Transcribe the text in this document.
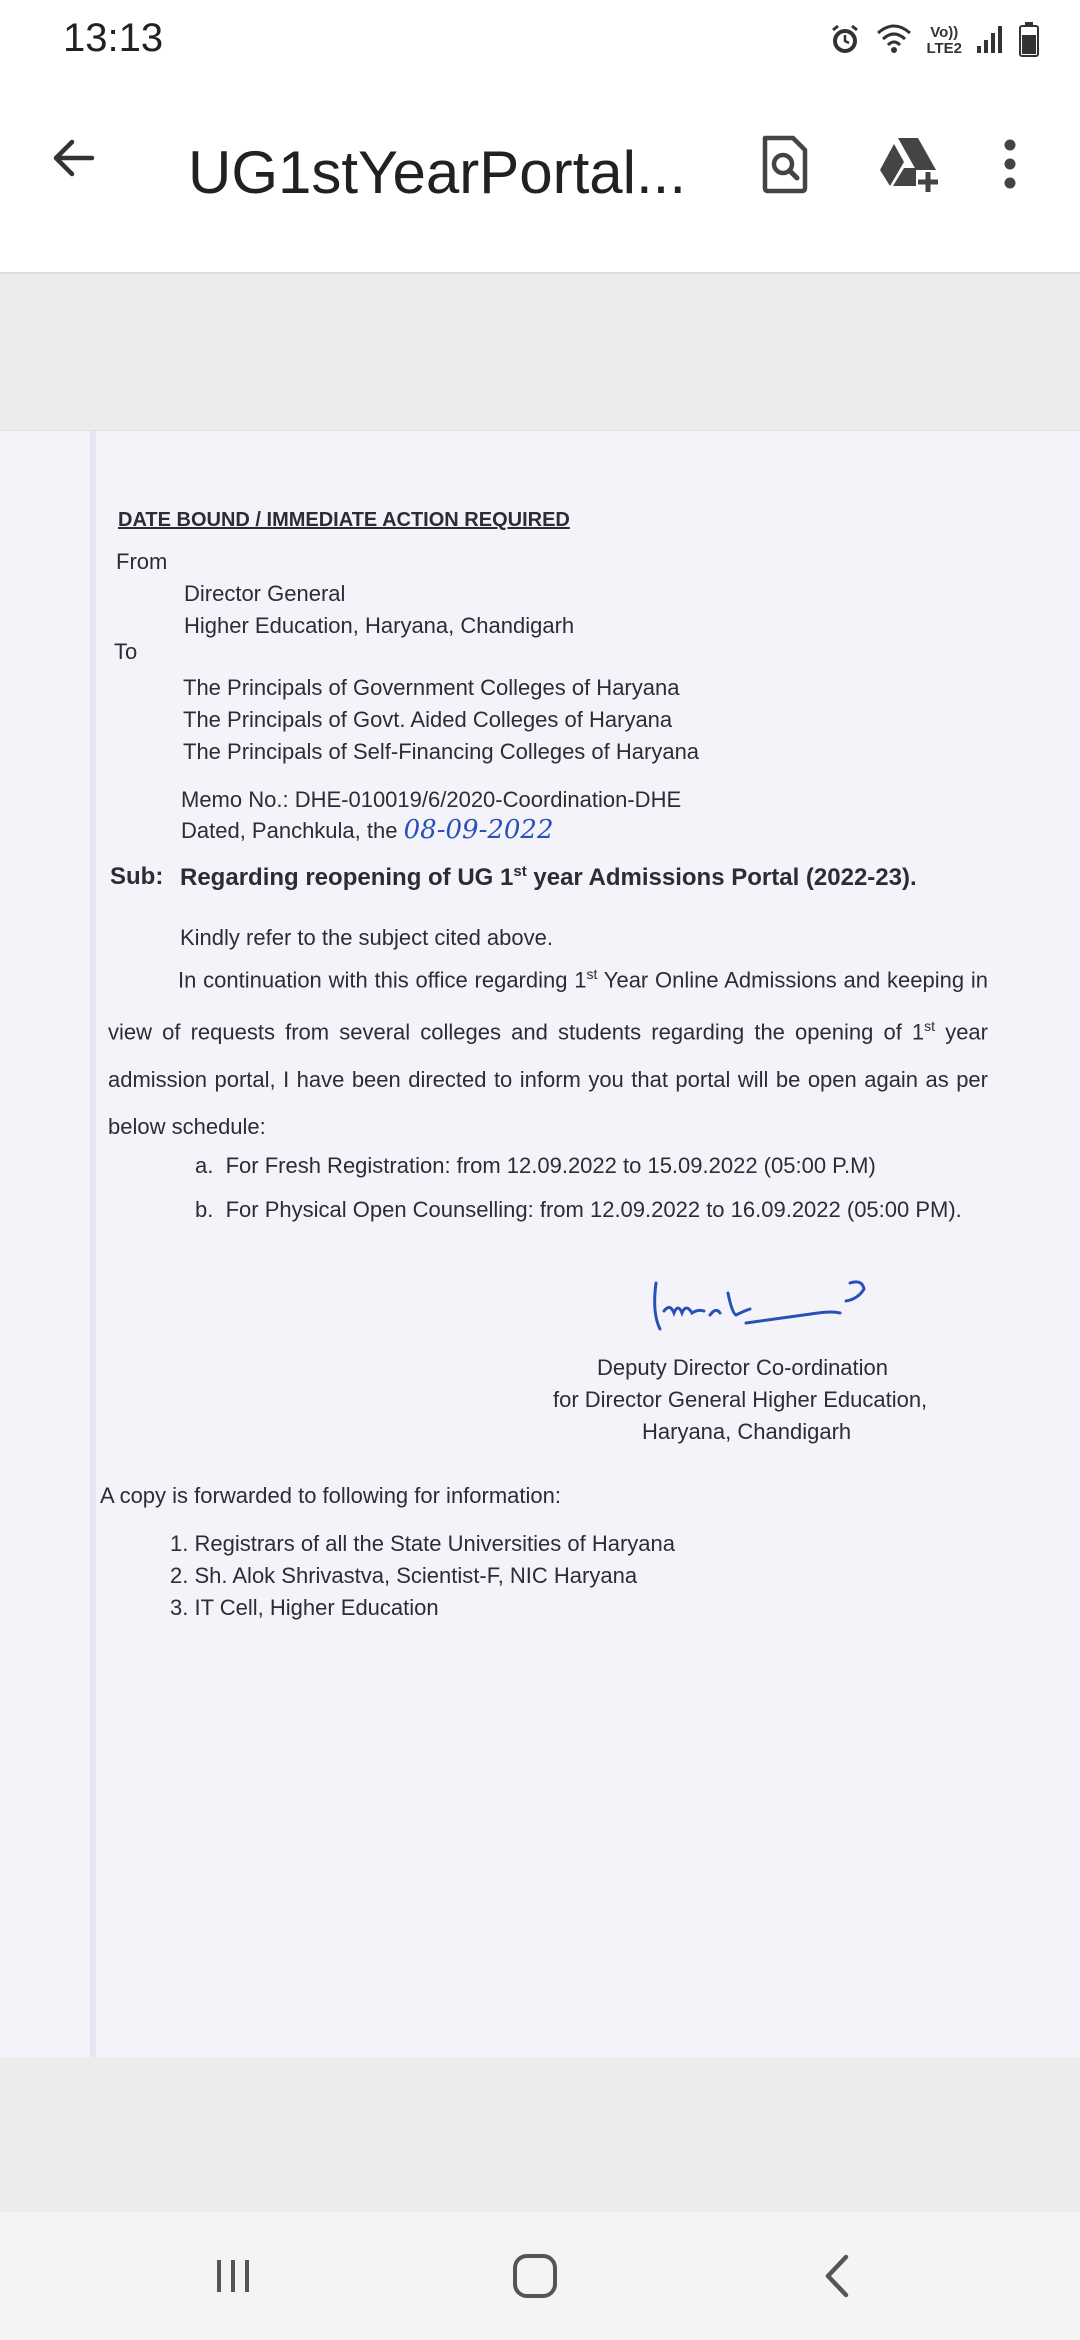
13:13	Vo))
LTE2
UG1stYearPortal...
DATE BOUND / IMMEDIATE ACTION REQUIRED
From
Director General
Higher Education, Haryana, Chandigarh
To
The Principals of Government Colleges of Haryana
The Principals of Govt. Aided Colleges of Haryana
The Principals of Self-Financing Colleges of Haryana
Memo No.: DHE-010019/6/2020-Coordination-DHE
Dated, Panchkula, the 08-09-2022
Sub: Regarding reopening of UG 1st year Admissions Portal (2022-23).
Kindly refer to the subject cited above.
In continuation with this office regarding 1st Year Online Admissions and keeping in view of requests from several colleges and students regarding the opening of 1st year admission portal, I have been directed to inform you that portal will be open again as per below schedule:
a. For Fresh Registration: from 12.09.2022 to 15.09.2022 (05:00 P.M)
b. For Physical Open Counselling: from 12.09.2022 to 16.09.2022 (05:00 PM).
Deputy Director Co-ordination
for Director General Higher Education,
Haryana, Chandigarh
A copy is forwarded to following for information:
1. Registrars of all the State Universities of Haryana
2. Sh. Alok Shrivastva, Scientist-F, NIC Haryana
3. IT Cell, Higher Education
